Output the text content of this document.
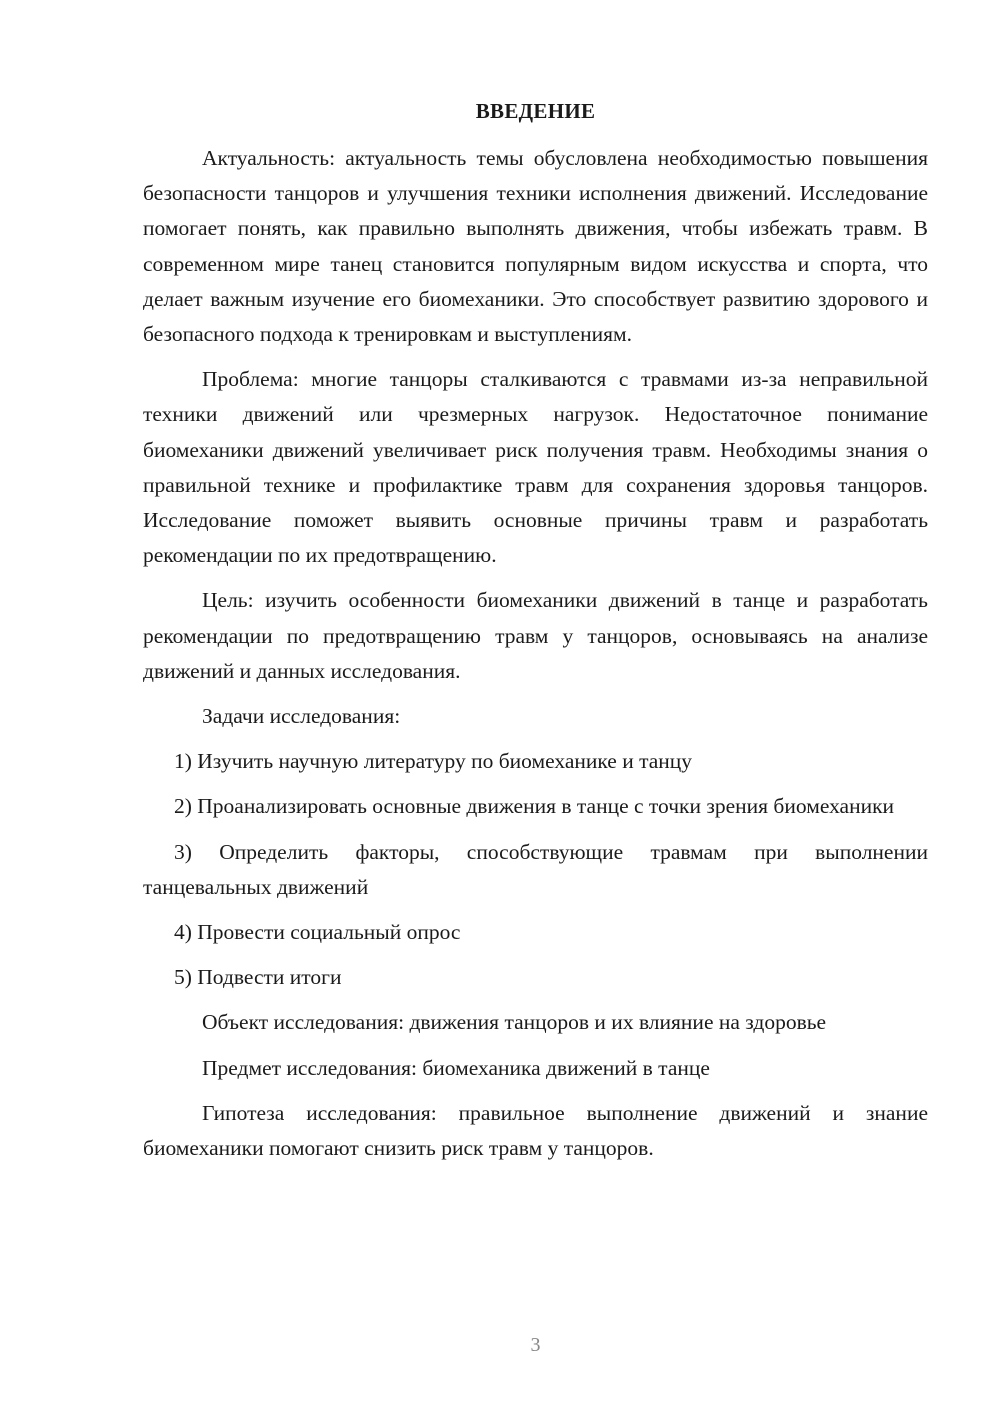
ВВЕДЕНИЕ

Актуальность: актуальность темы обусловлена необходимостью повышения безопасности танцоров и улучшения техники исполнения движений. Исследование помогает понять, как правильно выполнять движения, чтобы избежать травм. В современном мире танец становится популярным видом искусства и спорта, что делает важным изучение его биомеханики. Это способствует развитию здорового и безопасного подхода к тренировкам и выступлениям.

Проблема: многие танцоры сталкиваются с травмами из-за неправильной техники движений или чрезмерных нагрузок. Недостаточное понимание биомеханики движений увеличивает риск получения травм. Необходимы знания о правильной технике и профилактике травм для сохранения здоровья танцоров. Исследование поможет выявить основные причины травм и разработать рекомендации по их предотвращению.

Цель: изучить особенности биомеханики движений в танце и разработать рекомендации по предотвращению травм у танцоров, основываясь на анализе движений и данных исследования.

Задачи исследования:

1) Изучить научную литературу по биомеханике и танцу

2) Проанализировать основные движения в танце с точки зрения биомеханики

3) Определить факторы, способствующие травмам при выполнении танцевальных движений

4) Провести социальный опрос

5) Подвести итоги

Объект исследования: движения танцоров и их влияние на здоровье

Предмет исследования: биомеханика движений в танце

Гипотеза исследования: правильное выполнение движений и знание биомеханики помогают снизить риск травм у танцоров.

3
